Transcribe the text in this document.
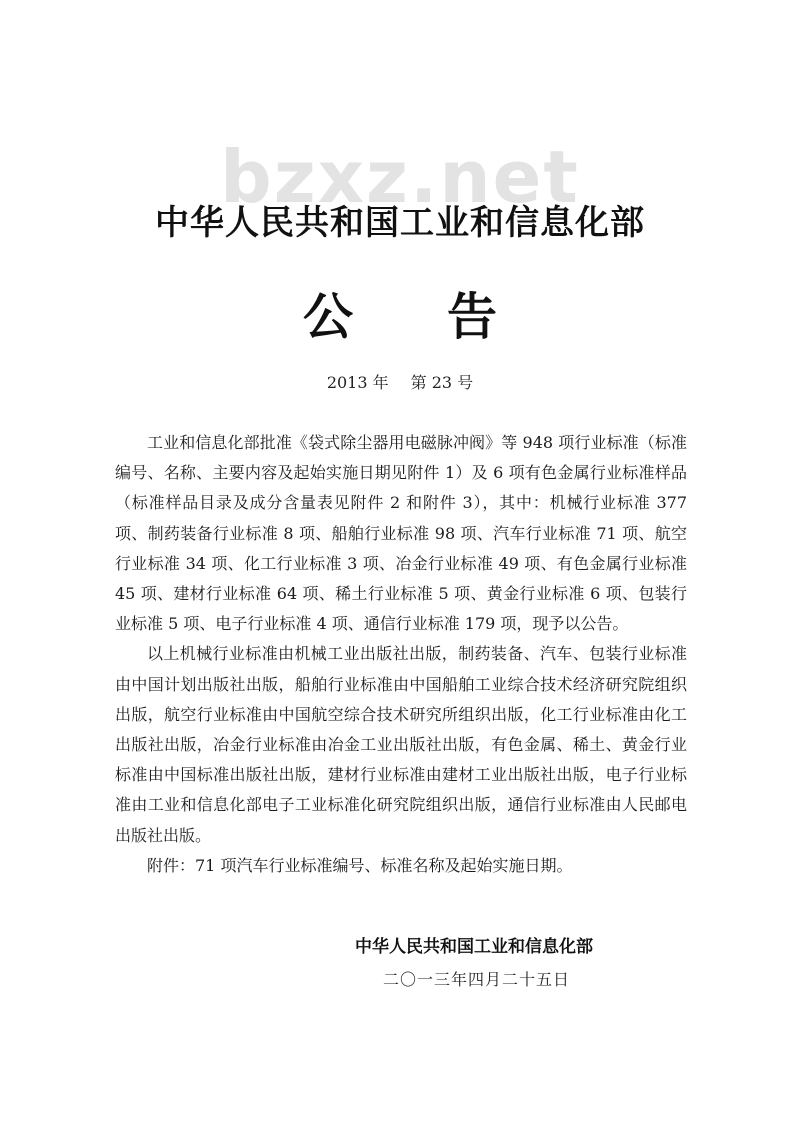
bzxz.net
中华人民共和国工业和信息化部
公 告
2013 年 第 23 号

工业和信息化部批准《袋式除尘器用电磁脉冲阀》等 948 项行业标准（标准编号、名称、主要内容及起始实施日期见附件 1）及 6 项有色金属行业标准样品（标准样品目录及成分含量表见附件 2 和附件 3），其中：机械行业标准 377 项、制药装备行业标准 8 项、船舶行业标准 98 项、汽车行业标准 71 项、航空行业标准 34 项、化工行业标准 3 项、冶金行业标准 49 项、有色金属行业标准 45 项、建材行业标准 64 项、稀土行业标准 5 项、黄金行业标准 6 项、包装行业标准 5 项、电子行业标准 4 项、通信行业标准 179 项，现予以公告。

以上机械行业标准由机械工业出版社出版，制药装备、汽车、包装行业标准由中国计划出版社出版，船舶行业标准由中国船舶工业综合技术经济研究院组织出版，航空行业标准由中国航空综合技术研究所组织出版，化工行业标准由化工出版社出版，冶金行业标准由冶金工业出版社出版，有色金属、稀土、黄金行业标准由中国标准出版社出版，建材行业标准由建材工业出版社出版，电子行业标准由工业和信息化部电子工业标准化研究院组织出版，通信行业标准由人民邮电出版社出版。

附件：71 项汽车行业标准编号、标准名称及起始实施日期。

中华人民共和国工业和信息化部
二〇一三年四月二十五日
